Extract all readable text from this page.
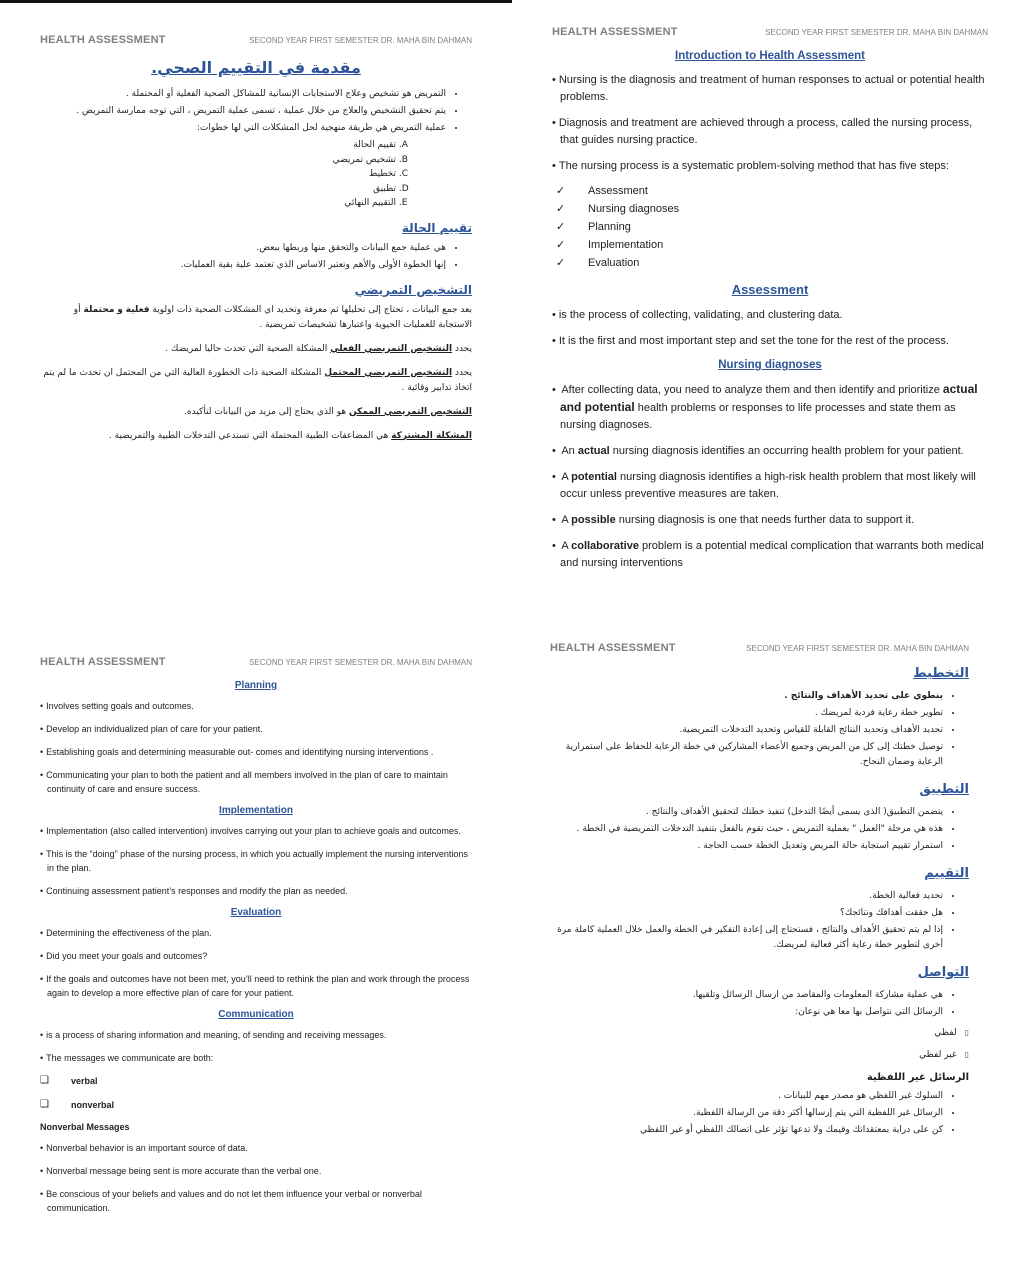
HEALTH ASSESSMENT	SECOND YEAR FIRST SEMESTER DR. MAHA BIN DAHMAN
مقدمة في التقييم الصحي.
• التمريض هو تشخيص وعلاج الاستجابات الإنسانية للمشاكل الصحية الفعلية أو المحتملة .
• يتم تحقيق التشخيص والعلاج من خلال عملية ، تسمى عملية التمريض ، التي توجه ممارسة التمريض .
• عملية التمريض هي طريقة منهجية لحل المشكلات التي لها خطوات:
A. تقييم الحالة
B. تشخيص تمريضي
C. تخطيط
D. تطبيق
E. التقييم النهائي
تقييم الحالة
• هي عملية جمع البيانات والتحقق منها وربطها ببعض.
• إنها الخطوة الأولى والأهم وتعتبر الاساس الذي تعتمد علية بقية العمليات.
التشخيص التمريضي

بعد جمع البيانات ، تحتاج إلى تحليلها ثم معرفة وتحديد اي المشكلات الصحية ذات اولوية فعلية و محتملة أو الاستجابة للعمليات الحيوية واعتبارها تشخيصات تمريضية .

يحدد التشخيص التمريضي الفعلي المشكلة الصحية التي تحدث حاليا لمريضك .

يحدد التشخيص التمريضي المحتمل المشكلة الصحية ذات الخطورة العالية التي من المحتمل ان تحدث ما لم يتم اتخاذ تدابير وقائية .

التشخيص التمريضي الممكن هو الذي يحتاج إلى مزيد من البيانات لتأكيده.

المشكلة المشتركة هي المضاعفات الطبية المحتملة التي تستدعي التدخلات الطبية والتمريضية .

HEALTH ASSESSMENT	SECOND YEAR FIRST SEMESTER DR. MAHA BIN DAHMAN
Introduction to Health Assessment
• Nursing is the diagnosis and treatment of human responses to actual or potential health problems.
• Diagnosis and treatment are achieved through a process, called the nursing process, that guides nursing practice.
• The nursing process is a systematic problem-solving method that has five steps:
✓	Assessment
✓	Nursing diagnoses
✓	Planning
✓	Implementation
✓	Evaluation
Assessment
• is the process of collecting, validating, and clustering data.
• It is the first and most important step and set the tone for the rest of the process.
Nursing diagnoses
• After collecting data, you need to analyze them and then identify and prioritize actual and potential health problems or responses to life processes and state them as nursing diagnoses.
• An actual nursing diagnosis identifies an occurring health problem for your patient.
• A potential nursing diagnosis identifies a high-risk health problem that most likely will occur unless preventive measures are taken.
• A possible nursing diagnosis is one that needs further data to support it.
• A collaborative problem is a potential medical complication that warrants both medical and nursing interventions
HEALTH ASSESSMENT	SECOND YEAR FIRST SEMESTER DR. MAHA BIN DAHMAN
Planning
• Involves setting goals and outcomes.
• Develop an individualized plan of care for your patient.
• Establishing goals and determining measurable out- comes and identifying nursing interventions .
• Communicating your plan to both the patient and all members involved in the plan of care to maintain continuity of care and ensure success.
Implementation
• Implementation (also called intervention) involves carrying out your plan to achieve goals and outcomes.
• This is the “doing” phase of the nursing process, in which you actually implement the nursing interventions in the plan.
• Continuing assessment patient’s responses and modify the plan as needed.
Evaluation
• Determining the effectiveness of the plan.
• Did you meet your goals and outcomes?
• If the goals and outcomes have not been met, you’ll need to rethink the plan and work through the process again to develop a more effective plan of care for your patient.
Communication
• is a process of sharing information and meaning, of sending and receiving messages.
• The messages we communicate are both:
❑	verbal
❑	nonverbal
Nonverbal Messages
• Nonverbal behavior is an important source of data.
• Nonverbal message being sent is more accurate than the verbal one.
• Be conscious of your beliefs and values and do not let them influence your verbal or nonverbal communication.
HEALTH ASSESSMENT	SECOND YEAR FIRST SEMESTER DR. MAHA BIN DAHMAN
التخطيط
• ينطوي على تحديد الأهداف والنتائج .
• تطوير خطة رعاية فردية لمريضك .
• تحديد الأهداف وتحديد النتائج القابلة للقياس وتحديد التدخلات التمريضية.
• توصيل خطتك إلى كل من المريض وجميع الأعضاء المشاركين في خطة الرعاية للحفاظ على استمرارية الرعاية وضمان النجاح.
التطبيق
• يتضمن التطبيق( الذي يسمى أيضًا التدخل) تنفيذ خطتك لتحقيق الأهداف والنتائج .
• هذه هي مرحلة "العمل " بعملية التمريض ، حيث تقوم بالفعل بتنفيذ التدخلات التمريضية في الخطة .
• استمرار تقييم استجابة حالة المريض وتعديل الخطة حسب الحاجة .
التقييم
• تحديد فعالية الخطة.
• هل حققت أهدافك ونتائجك؟
• إذا لم يتم تحقيق الأهداف والنتائج ، فستحتاج إلى إعادة التفكير في الخطة والعمل خلال العملية كاملة مرة أخرى لتطوير خطة رعاية أكثر فعالية لمريضك.
التواصل
• هي عملية مشاركة المعلومات والمقاصد من ارسال الرسائل وتلقيها.
• الرسائل التي نتواصل بها معا هي نوعان:
▯لفظي
▯غير لفظي
الرسائل غير اللفظية
• السلوك غير اللفظي هو مصدر مهم للبيانات .
• الرسائل غير اللفظية التي يتم إرسالها أكثر دقة من الرسالة اللفظية.
• كن على دراية بمعتقداتك وقيمك ولا تدعها تؤثر على اتصالك اللفظي أو غير اللفظي
